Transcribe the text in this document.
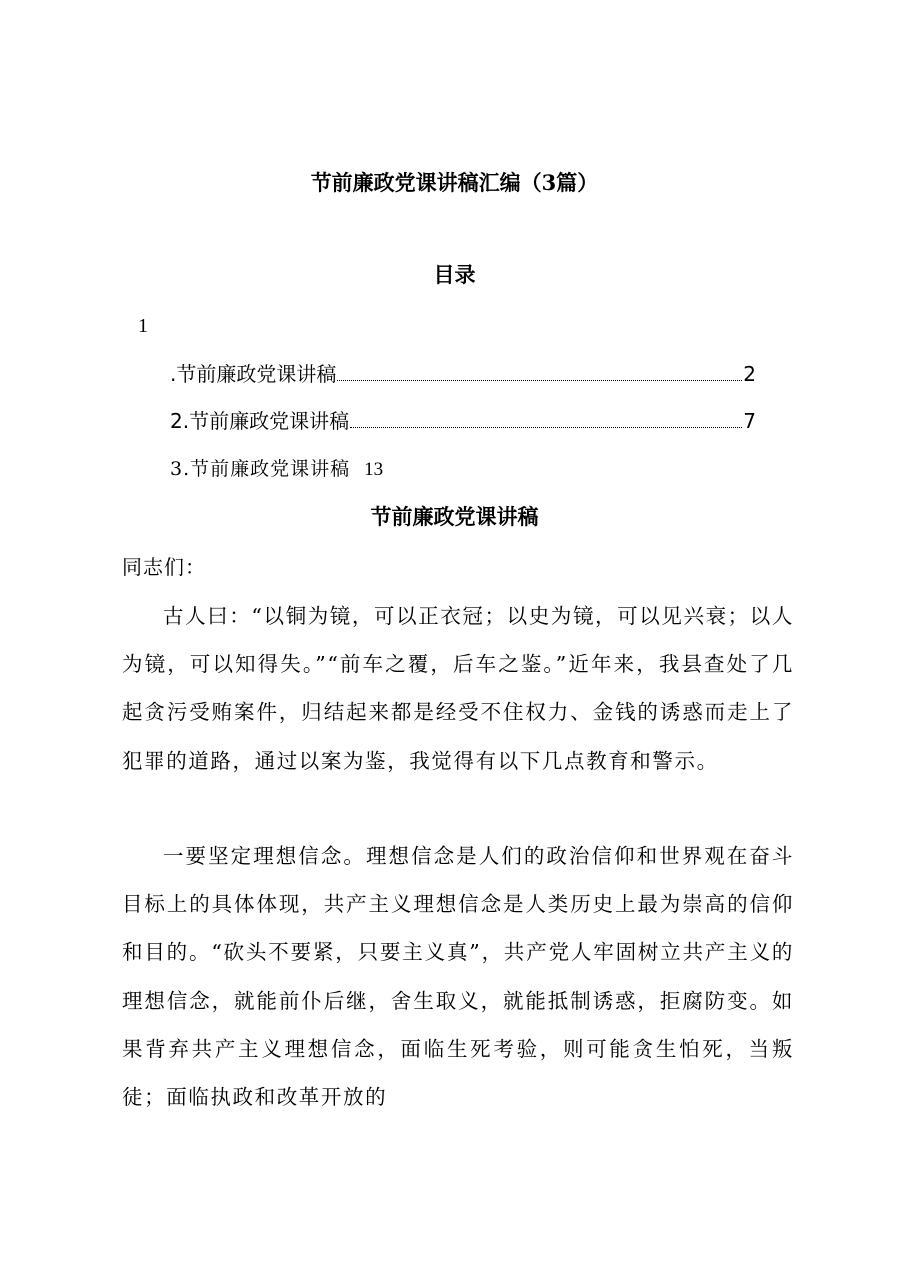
节前廉政党课讲稿汇编（3篇）
目录
1
.节前廉政党课讲稿	2
2.节前廉政党课讲稿	7
3.节前廉政党课讲稿 13
节前廉政党课讲稿
同志们：

古人曰：“以铜为镜，可以正衣冠；以史为镜，可以见兴衰；以人为镜，可以知得失。”“前车之覆，后车之鉴。”近年来，我县查处了几起贪污受贿案件，归结起来都是经受不住权力、金钱的诱惑而走上了犯罪的道路，通过以案为鉴，我觉得有以下几点教育和警示。

一要坚定理想信念。理想信念是人们的政治信仰和世界观在奋斗目标上的具体体现，共产主义理想信念是人类历史上最为崇高的信仰和目的。“砍头不要紧，只要主义真”，共产党人牢固树立共产主义的理想信念，就能前仆后继，舍生取义，就能抵制诱惑，拒腐防变。如果背弃共产主义理想信念，面临生死考验，则可能贪生怕死，当叛徒；面临执政和改革开放的
